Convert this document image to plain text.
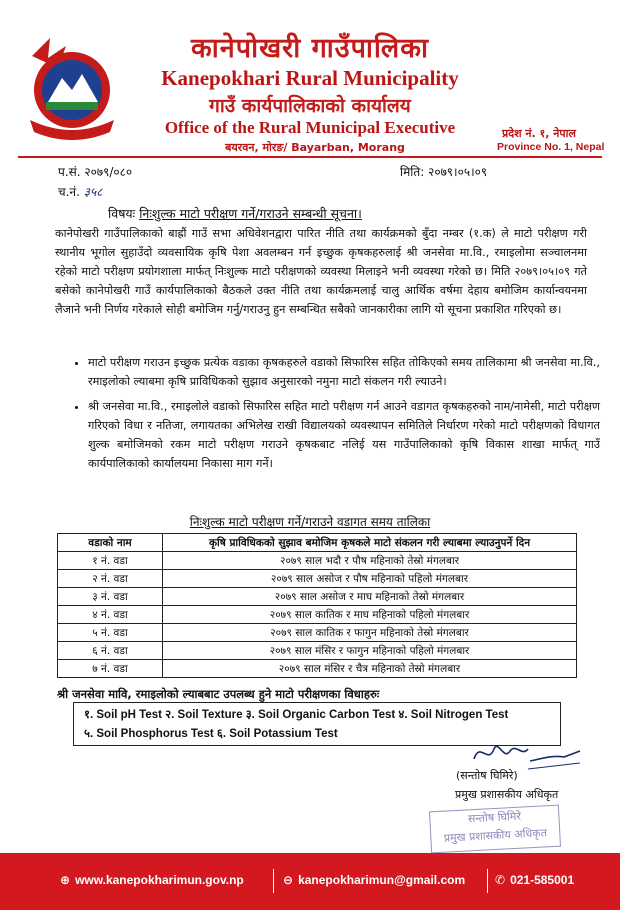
कानेपोखरी गाउँपालिका
Kanepokhari Rural Municipality
गाउँ कार्यपालिकाको कार्यालय
Office of the Rural Municipal Executive
बयरवन, मोरङ/ Bayarban, Morang
प्रदेश नं. १, नेपाल
Province No. 1, Nepal
प.सं. २०७९/०८०
च.नं. ३५८
मिति: २०७९।०५।०९
विषयः निःशुल्क माटो परीक्षण गर्ने/गराउने सम्बन्धी सूचना।
कानेपोखरी गाउँपालिकाको बाह्रौं गाउँ सभा अधिवेशनद्वारा पारित नीति तथा कार्यक्रमको बुँदा नम्बर (१.क) ले माटो परीक्षण गरी स्थानीय भूगोल सुहाउँदो व्यवसायिक कृषि पेशा अवलम्बन गर्न इच्छुक कृषकहरुलाई श्री जनसेवा मा.वि., रमाइलोमा सञ्चालनमा रहेको माटो परीक्षण प्रयोगशाला मार्फत् निःशुल्क माटो परीक्षणको व्यवस्था मिलाइने भनी व्यवस्था गरेको छ। मिति २०७९।०५।०९ गते बसेको कानेपोखरी गाउँ कार्यपालिकाको बैठकले उक्त नीति तथा कार्यक्रमलाई चालु आर्थिक वर्षमा देहाय बमोजिम कार्यान्वयनमा लैजाने भनी निर्णय गरेकाले सोही बमोजिम गर्नु/गराउनु हुन सम्बन्धित सबैको जानकारीका लागि यो सूचना प्रकाशित गरिएको छ।
• माटो परीक्षण गराउन इच्छुक प्रत्येक वडाका कृषकहरुले वडाको सिफारिस सहित तोकिएको समय तालिकामा श्री जनसेवा मा.वि., रमाइलोको ल्याबमा कृषि प्राविधिकको सुझाव अनुसारको नमुना माटो संकलन गरी ल्याउने।
• श्री जनसेवा मा.वि., रमाइलोले वडाको सिफारिस सहित माटो परीक्षण गर्न आउने वडागत कृषकहरुको नाम/नामेसी, माटो परीक्षण गरिएको विधा र नतिजा, लगायतका अभिलेख राखी विद्यालयको व्यवस्थापन समितिले निर्धारण गरेको माटो परीक्षणको विधागत शुल्क बमोजिमको रकम माटो परीक्षण गराउने कृषकबाट नलिई यस गाउँपालिकाको कृषि विकास शाखा मार्फत् गाउँ कार्यपालिकाको कार्यालयमा निकासा माग गर्ने।
निःशुल्क माटो परीक्षण गर्ने/गराउने वडागत समय तालिका
वडाको नाम	कृषि प्राविधिकको सुझाव बमोजिम कृषकले माटो संकलन गरी ल्याबमा ल्याउनुपर्ने दिन
१ नं. वडा	२०७९ साल भदौ र पौष महिनाको तेस्रो मंगलबार
२ नं. वडा	२०७९ साल असोज र पौष महिनाको पहिलो मंगलबार
३ नं. वडा	२०७९ साल असोज र माघ महिनाको तेस्रो मंगलबार
४ नं. वडा	२०७९ साल कातिक र माघ महिनाको पहिलो मंगलबार
५ नं. वडा	२०७९ साल कातिक र फागुन महिनाको तेस्रो मंगलबार
६ नं. वडा	२०७९ साल मंसिर र फागुन महिनाको पहिलो मंगलबार
७ नं. वडा	२०७९ साल मंसिर र चैत्र महिनाको तेस्रो मंगलबार
श्री जनसेवा मावि, रमाइलोको ल्याबबाट उपलब्ध हुने माटो परीक्षणका विधाहरुः
१. Soil pH Test २. Soil Texture ३. Soil Organic Carbon Test ४. Soil Nitrogen Test
५. Soil Phosphorus Test ६. Soil Potassium Test
(सन्तोष घिमिरे)
प्रमुख प्रशासकीय अधिकृत
सन्तोष घिमिरे
प्रमुख प्रशासकीय अधिकृत
⊕ www.kanepokharimun.gov.np	⊖ kanepokharimun@gmail.com ✆ 021-585001
